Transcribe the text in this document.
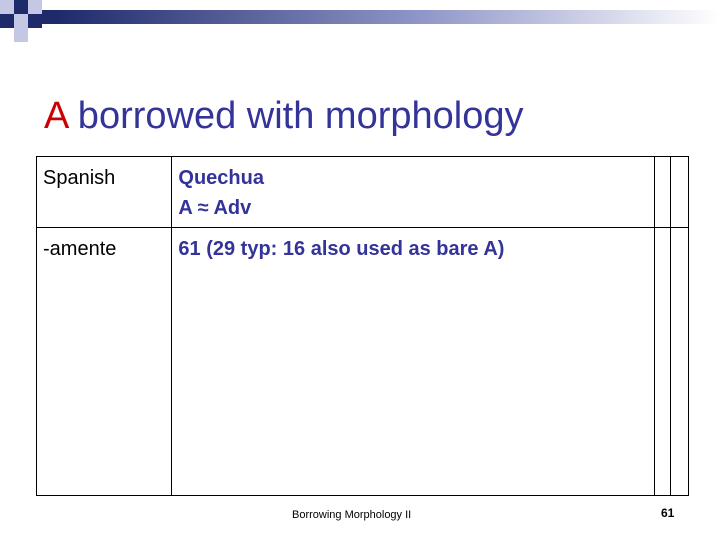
A borrowed with morphology
Spanish	Quechua
A ≈ Adv		

-amente	61 (29 typ: 16 also used as bare A)		

Borrowing Morphology II	61
